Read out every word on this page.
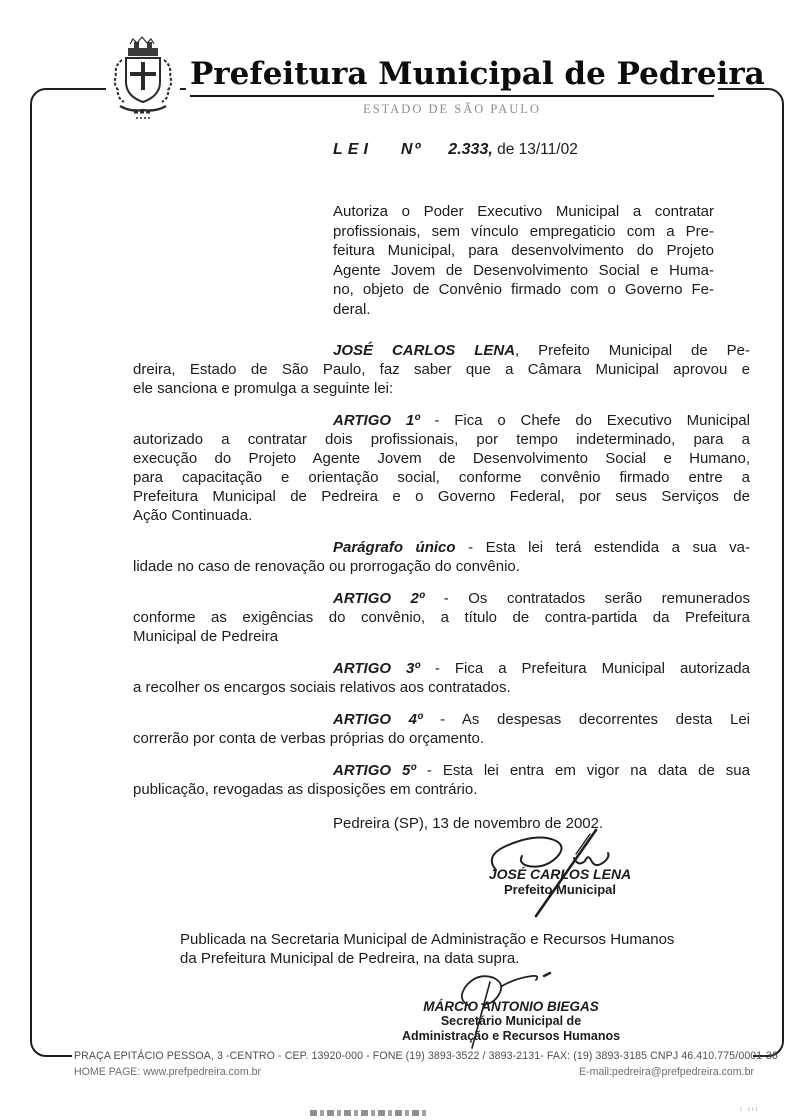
Prefeitura Municipal de Pedreira
ESTADO DE SÃO PAULO
LEI Nº 2.333, de 13/11/02
Autoriza o Poder Executivo Municipal a contratar
profissionais, sem vínculo empregaticio com a Pre-
feitura Municipal, para desenvolvimento do Projeto
Agente Jovem de Desenvolvimento Social e Huma-
no, objeto de Convênio firmado com o Governo Fe-
deral.
JOSÉ CARLOS LENA, Prefeito Municipal de Pe-
dreira, Estado de São Paulo, faz saber que a Câmara Municipal aprovou e
ele sanciona e promulga a seguinte lei:
ARTIGO 1º - Fica o Chefe do Executivo Municipal
autorizado a contratar dois profissionais, por tempo indeterminado, para a
execução do Projeto Agente Jovem de Desenvolvimento Social e Humano,
para capacitação e orientação social, conforme convênio firmado entre a
Prefeitura Municipal de Pedreira e o Governo Federal, por seus Serviços de
Ação Continuada.
Parágrafo único - Esta lei terá estendida a sua va-
lidade no caso de renovação ou prorrogação do convênio.
ARTIGO 2º - Os contratados serão remunerados
conforme as exigências do convênio, a título de contra-partida da Prefeitura
Municipal de Pedreira
ARTIGO 3º - Fica a Prefeitura Municipal autorizada
a recolher os encargos sociais relativos aos contratados.
ARTIGO 4º - As despesas decorrentes desta Lei
correrão por conta de verbas próprias do orçamento.
ARTIGO 5º - Esta lei entra em vigor na data de sua
publicação, revogadas as disposições em contrário.
Pedreira (SP), 13 de novembro de 2002.
JOSÉ CARLOS LENA
Prefeito Municipal
Publicada na Secretaria Municipal de Administração e Recursos Humanos
da Prefeitura Municipal de Pedreira, na data supra.
MÁRCIO ANTONIO BIEGAS
Secretário Municipal de
Administração e Recursos Humanos
PRAÇA EPITÁCIO PESSOA, 3 -CENTRO - CEP. 13920-000 - FONE (19) 3893-3522 / 3893-2131- FAX: (19) 3893-3185 CNPJ 46.410.775/0001-36
HOME PAGE: www.prefpedreira.com.br	E-mail:pedreira@prefpedreira.com.br
ı ııı
